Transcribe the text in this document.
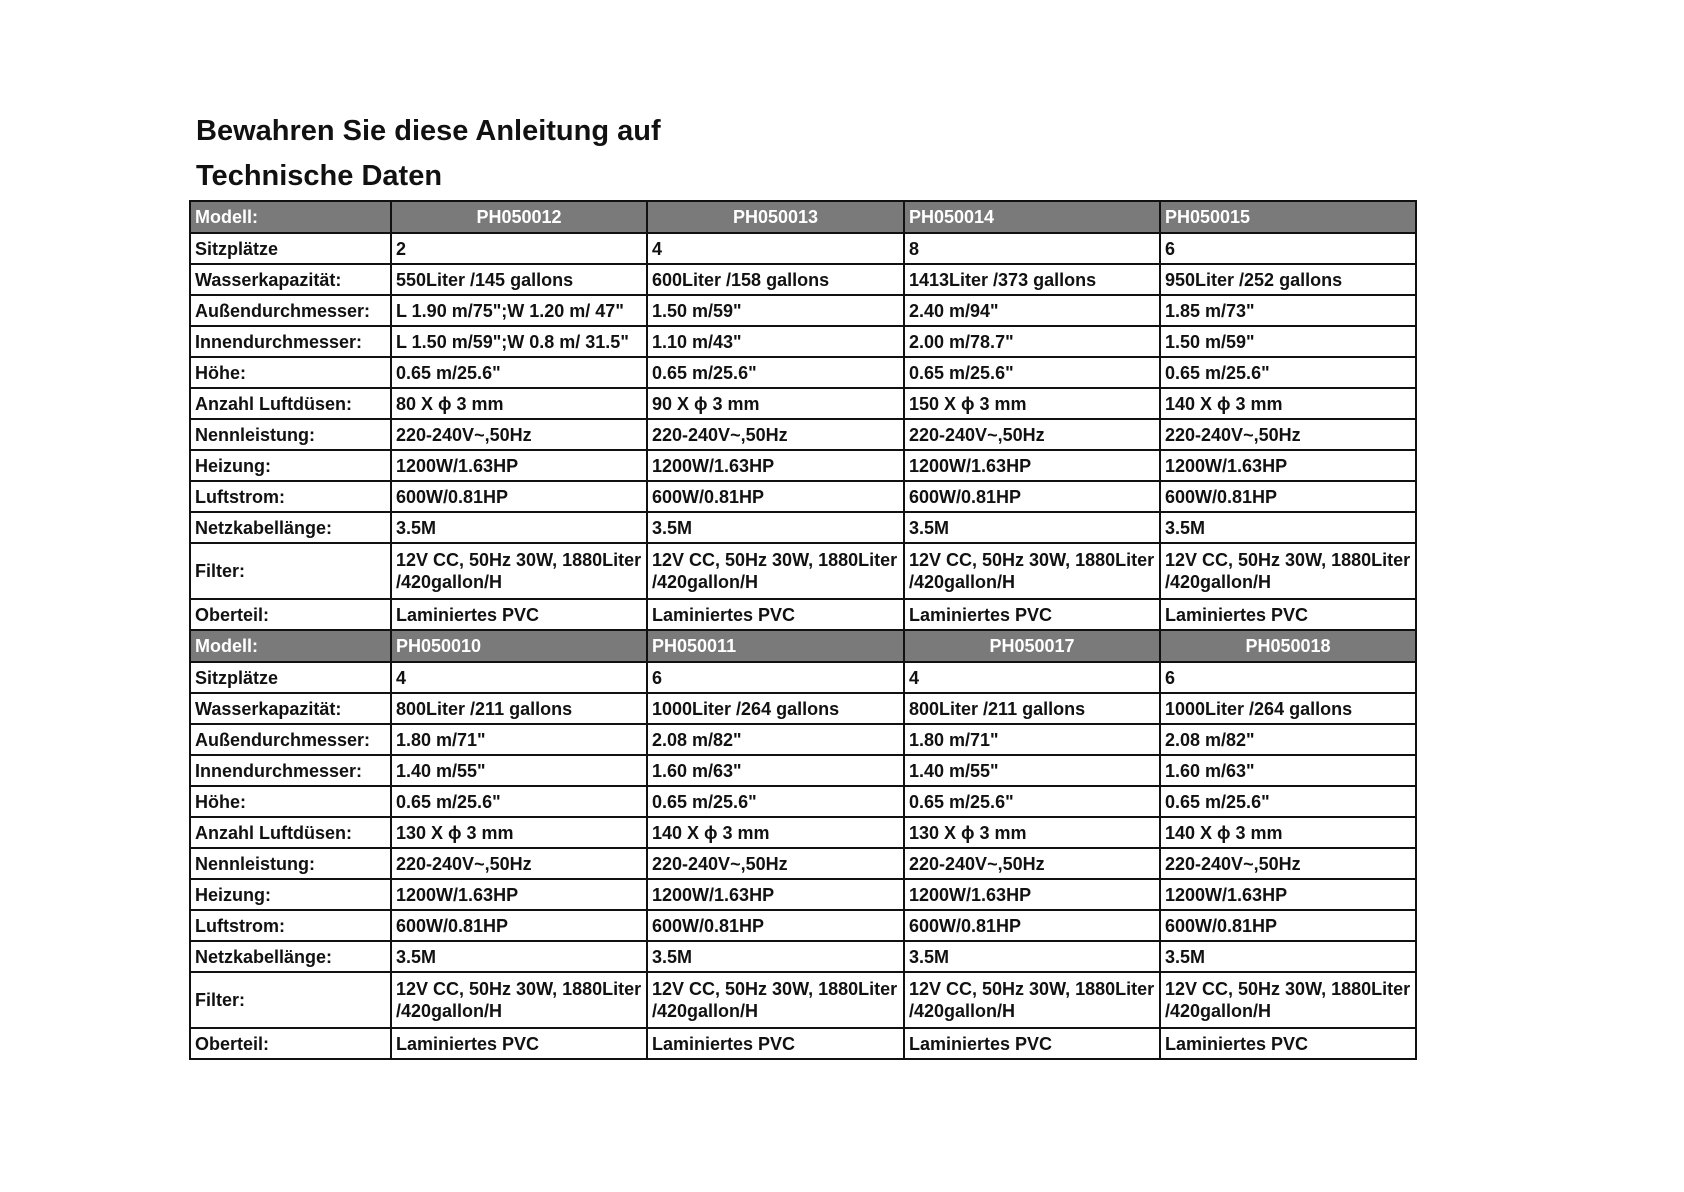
Bewahren Sie diese Anleitung auf
Technische Daten
Modell:	PH050012	PH050013	PH050014	PH050015
Sitzplätze	2	4	8	6
Wasserkapazität:	550Liter /145 gallons	600Liter /158 gallons	1413Liter /373 gallons	950Liter /252 gallons
Außendurchmesser:	L 1.90 m/75";W 1.20 m/ 47"	1.50 m/59"	2.40 m/94"	1.85 m/73"
Innendurchmesser:	L 1.50 m/59";W 0.8 m/ 31.5"	1.10 m/43"	2.00 m/78.7"	1.50 m/59"
Höhe:	0.65 m/25.6"	0.65 m/25.6"	0.65 m/25.6"	0.65 m/25.6"
Anzahl Luftdüsen:	80 X ϕ 3 mm	90 X ϕ 3 mm	150 X ϕ 3 mm	140 X ϕ 3 mm
Nennleistung:	220-240V~,50Hz	220-240V~,50Hz	220-240V~,50Hz	220-240V~,50Hz
Heizung:	1200W/1.63HP	1200W/1.63HP	1200W/1.63HP	1200W/1.63HP
Luftstrom:	600W/0.81HP	600W/0.81HP	600W/0.81HP	600W/0.81HP
Netzkabellänge:	3.5M	3.5M	3.5M	3.5M
Filter:	12V CC, 50Hz 30W, 1880Liter /420gallon/H	12V CC, 50Hz 30W, 1880Liter /420gallon/H	12V CC, 50Hz 30W, 1880Liter /420gallon/H	12V CC, 50Hz 30W, 1880Liter /420gallon/H
Oberteil:	Laminiertes PVC	Laminiertes PVC	Laminiertes PVC	Laminiertes PVC
Modell:	PH050010	PH050011	PH050017	PH050018
Sitzplätze	4	6	4	6
Wasserkapazität:	800Liter /211 gallons	1000Liter /264 gallons	800Liter /211 gallons	1000Liter /264 gallons
Außendurchmesser:	1.80 m/71"	2.08 m/82"	1.80 m/71"	2.08 m/82"
Innendurchmesser:	1.40 m/55"	1.60 m/63"	1.40 m/55"	1.60 m/63"
Höhe:	0.65 m/25.6"	0.65 m/25.6"	0.65 m/25.6"	0.65 m/25.6"
Anzahl Luftdüsen:	130 X ϕ 3 mm	140 X ϕ 3 mm	130 X ϕ 3 mm	140 X ϕ 3 mm
Nennleistung:	220-240V~,50Hz	220-240V~,50Hz	220-240V~,50Hz	220-240V~,50Hz
Heizung:	1200W/1.63HP	1200W/1.63HP	1200W/1.63HP	1200W/1.63HP
Luftstrom:	600W/0.81HP	600W/0.81HP	600W/0.81HP	600W/0.81HP
Netzkabellänge:	3.5M	3.5M	3.5M	3.5M
Filter:	12V CC, 50Hz 30W, 1880Liter /420gallon/H	12V CC, 50Hz 30W, 1880Liter /420gallon/H	12V CC, 50Hz 30W, 1880Liter /420gallon/H	12V CC, 50Hz 30W, 1880Liter /420gallon/H
Oberteil:	Laminiertes PVC	Laminiertes PVC	Laminiertes PVC	Laminiertes PVC
